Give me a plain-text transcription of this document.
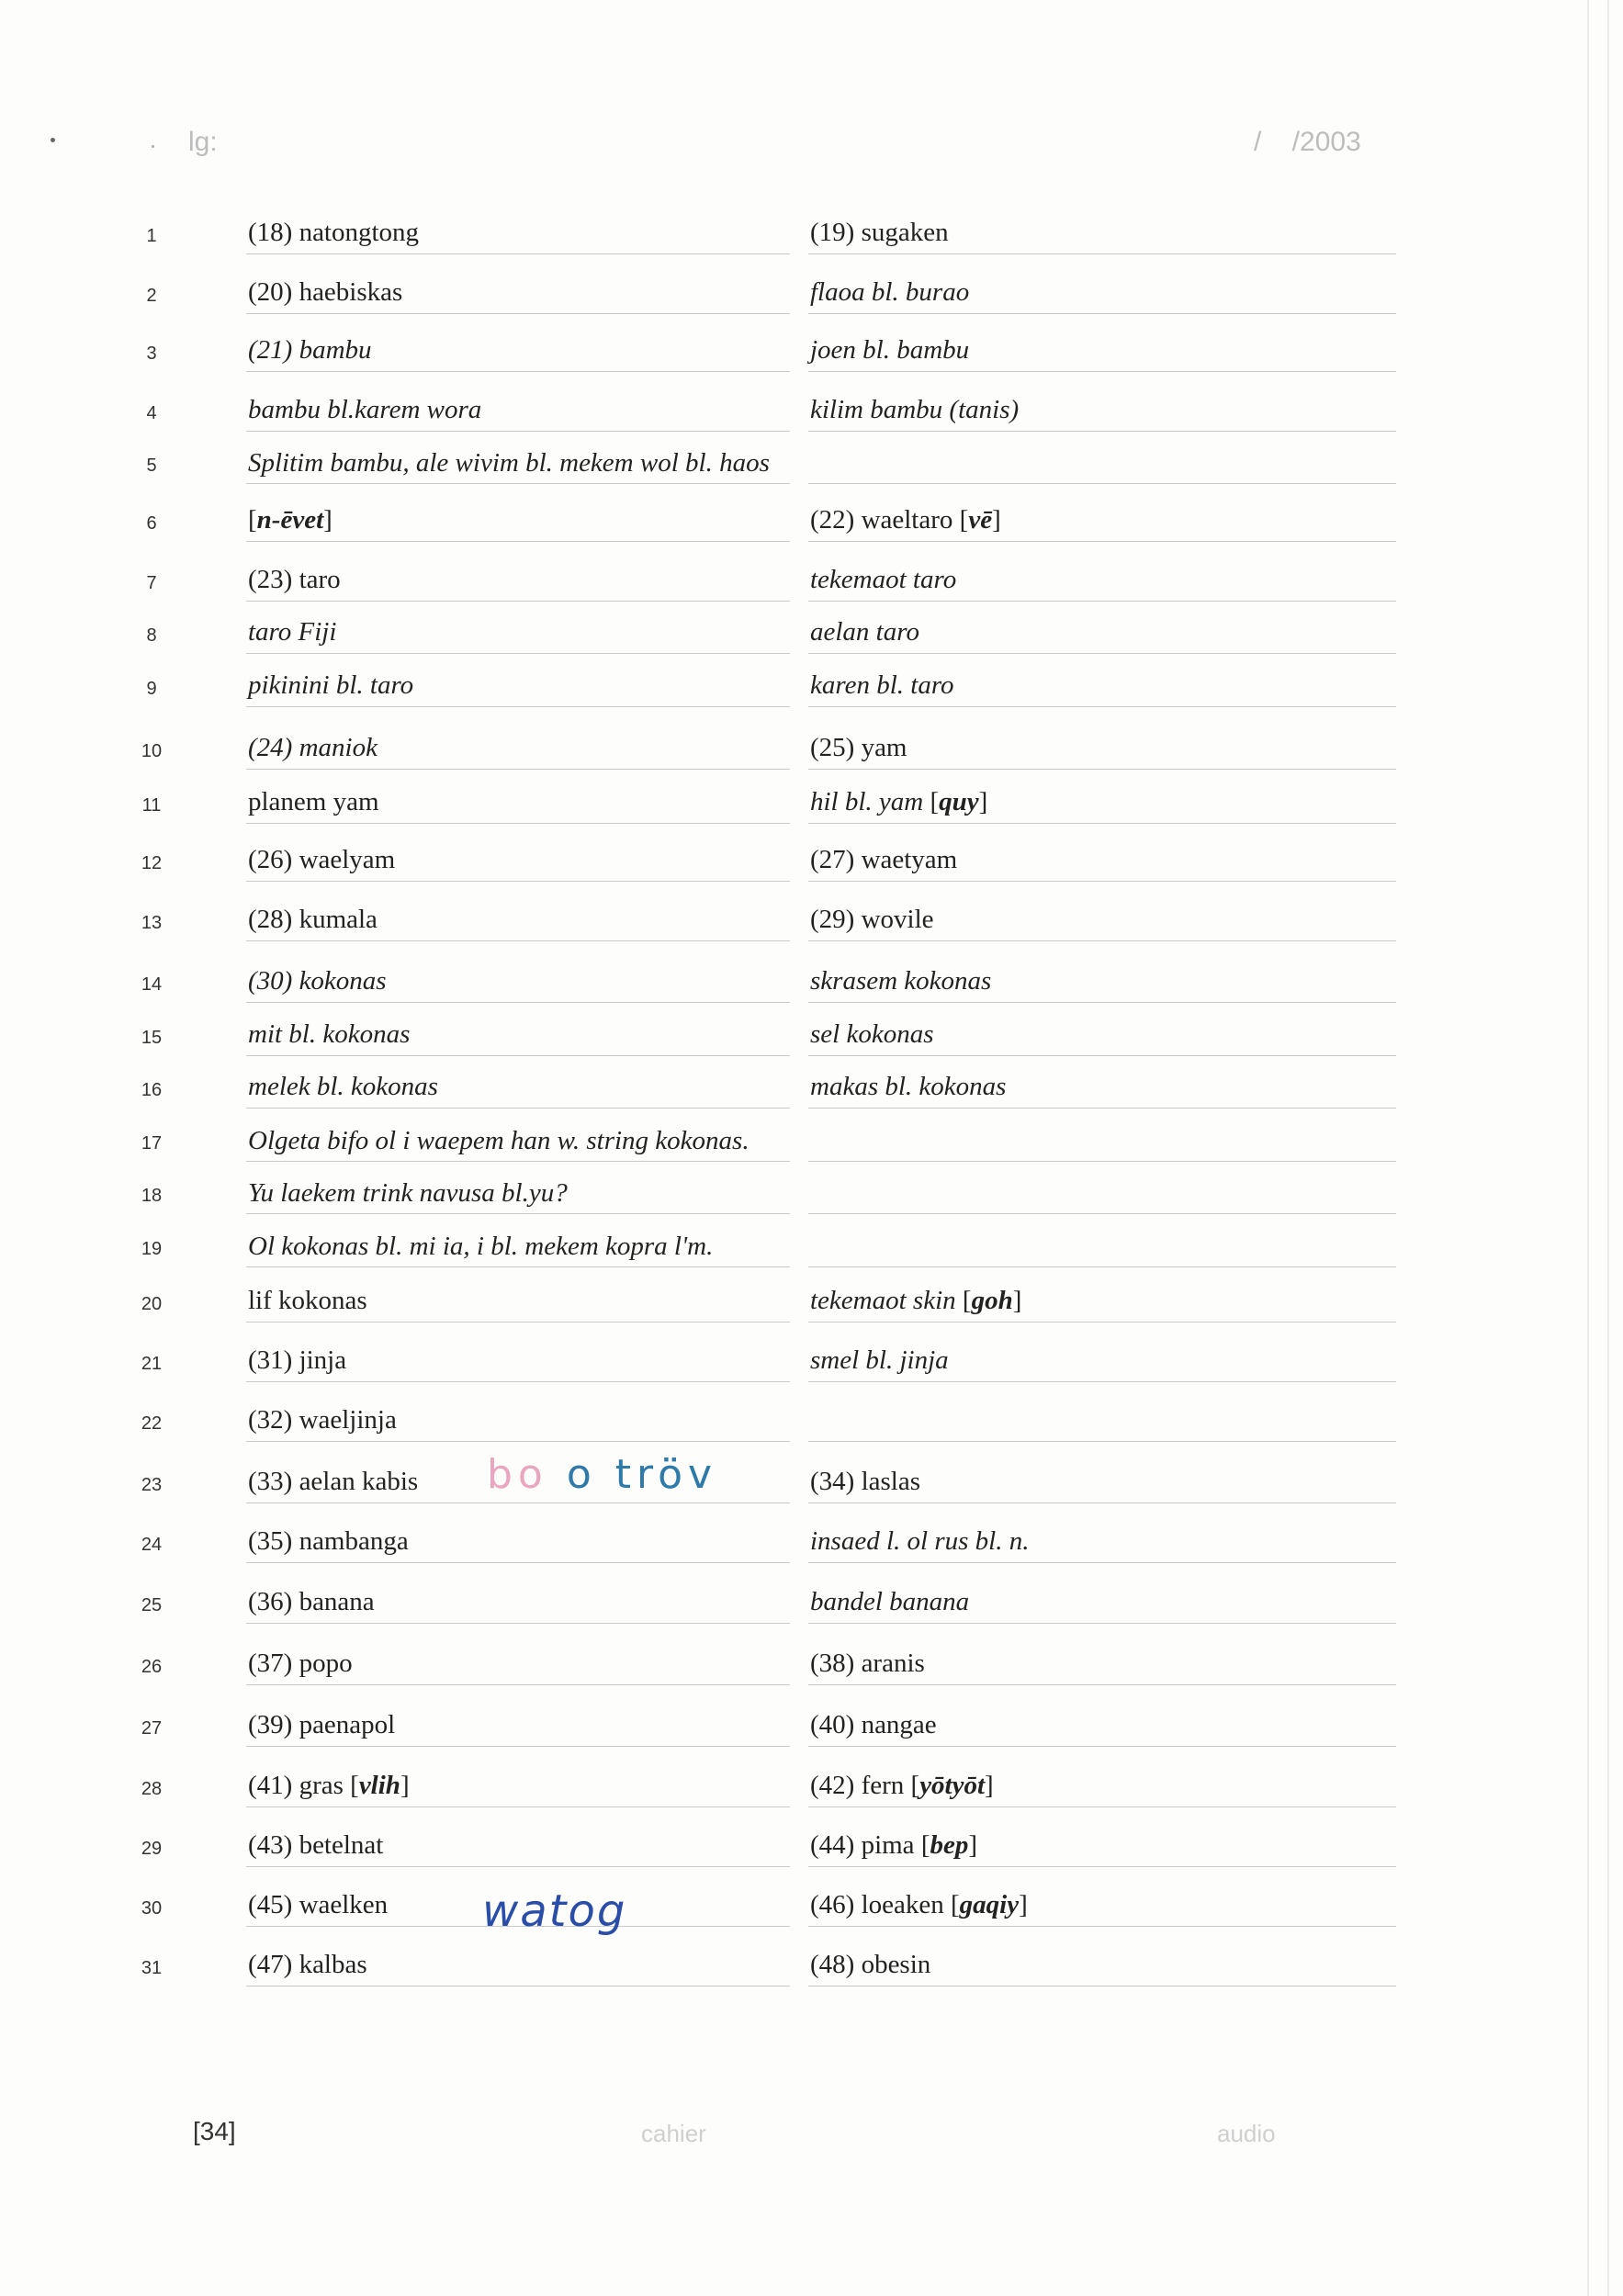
lg:	/    /2003
1	(18) natongtong	(19) sugaken
2	(20) haebiskas	flaoa bl. burao
3	(21) bambu	joen bl. bambu
4	bambu bl.karem wora	kilim bambu (tanis)
5	Splitim bambu, ale wivim bl. mekem wol bl. haos
6	[n-ēvet]	(22) waeltaro [vē]
7	(23) taro	tekemaot taro
8	taro Fiji	aelan taro
9	pikinini bl. taro	karen bl. taro
10	(24) maniok	(25) yam
11	planem yam	hil bl. yam [quy]
12	(26) waelyam	(27) waetyam
13	(28) kumala	(29) wovile
14	(30) kokonas	skrasem kokonas
15	mit bl. kokonas	sel kokonas
16	melek bl. kokonas	makas bl. kokonas
17	Olgeta bifo ol i waepem han w. string kokonas.
18	Yu laekem trink navusa bl.yu?
19	Ol kokonas bl. mi ia, i bl. mekem kopra l'm.
20	lif kokonas	tekemaot skin [goh]
21	(31) jinja	smel bl. jinja
22	(32) waeljinja
23	(33) aelan kabis	(34) laslas
24	(35) nambanga	insaed l. ol rus bl. n.
25	(36) banana	bandel banana
26	(37) popo	(38) aranis
27	(39) paenapol	(40) nangae
28	(41) gras [vlih]	(42) fern [yōtyōt]
29	(43) betelnat	(44) pima [bep]
30	(45) waelken	(46) loeaken [gaqiy]
31	(47) kalbas	(48) obesin
bo o tröv
watog
[34]	cahier	audio
